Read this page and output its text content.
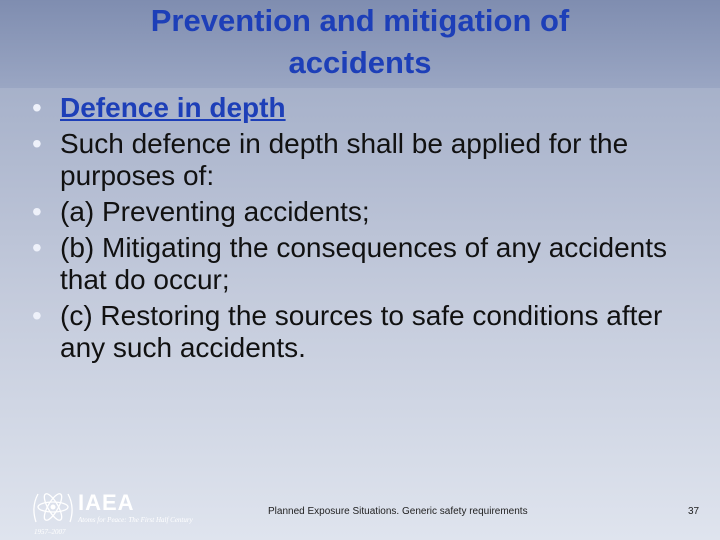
Prevention and mitigation of accidents
• Defence in depth
• Such defence in depth shall be applied for the purposes of:
• (a) Preventing accidents;
• (b) Mitigating the consequences of any accidents that do occur;
• (c) Restoring the sources to safe conditions after any such accidents.
IAEA
Atoms for Peace: The First Half Century
1957–2007
Planned Exposure Situations. Generic safety requirements	37
